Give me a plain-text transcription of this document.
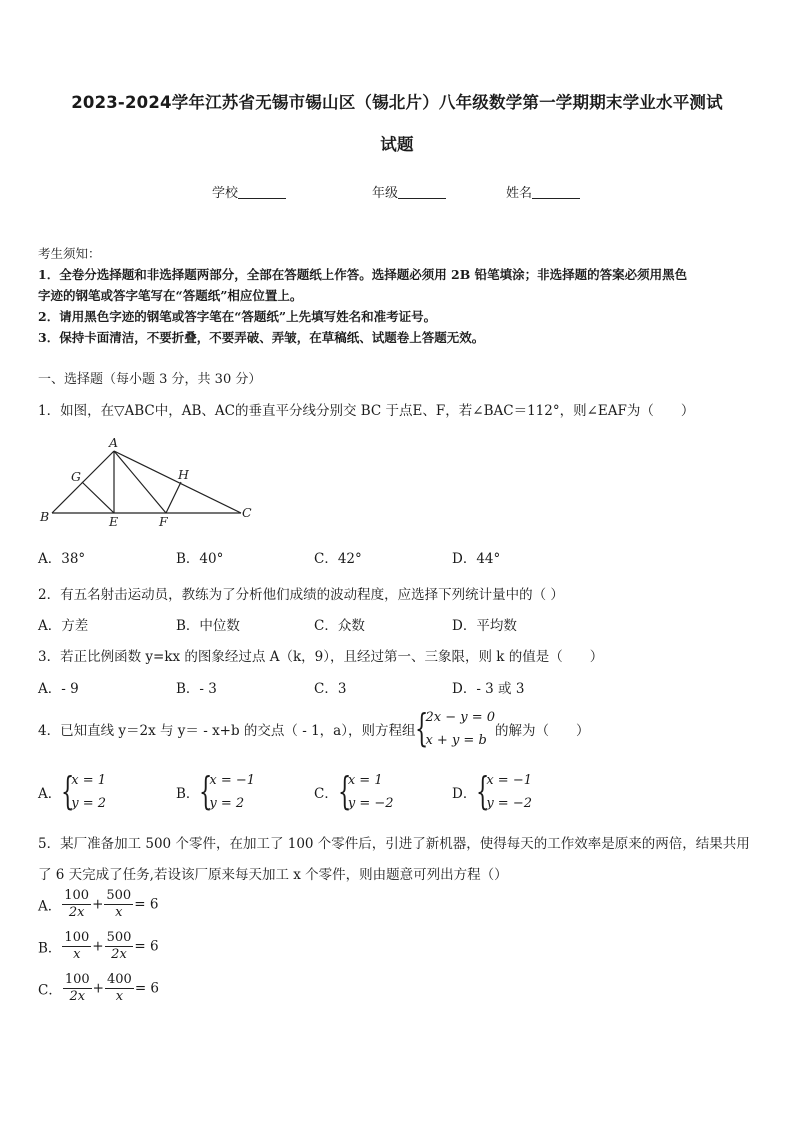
2023-2024学年江苏省无锡市锡山区（锡北片）八年级数学第一学期期末学业水平测试
试题
学校	年级	姓名
考生须知：
1．全卷分选择题和非选择题两部分，全部在答题纸上作答。选择题必须用 2B 铅笔填涂；非选择题的答案必须用黑色
字迹的钢笔或答字笔写在“答题纸”相应位置上。
2．请用黑色字迹的钢笔或答字笔在“答题纸”上先填写姓名和准考证号。
3．保持卡面清洁，不要折叠，不要弄破、弄皱，在草稿纸、试题卷上答题无效。
一、选择题（每小题 3 分，共 30 分）
1．如图，在▽ABC中，AB、AC的垂直平分线分别交 BC 于点E、F，若∠BAC＝112°，则∠EAF为（　　）
A
G	H
B	E	F
C
A．38°	B．40°	C．42°	D．44°
2．有五名射击运动员，教练为了分析他们成绩的波动程度，应选择下列统计量中的（ ）
A．方差	B．中位数	C．众数	D．平均数
3．若正比例函数 y=kx 的图象经过点 A（k，9），且经过第一、三象限，则 k 的值是（　　）
A．- 9	B．- 3	C．3	D．- 3 或 3
4．已知直线 y＝2x 与 y＝ - x+b 的交点（ - 1，a），则方程组 {
2x − y = 0
x + y = b
的解为（　　）
A． {
x = 1
y = 2
B． {
x = −1
y = 2
C． {
x = 1
y = −2
D． {
x = −1
y = −2
5．某厂准备加工 500 个零件，在加工了 100 个零件后，引进了新机器，使得每天的工作效率是原来的两倍，结果共用
了 6 天完成了任务,若设该厂原来每天加工 x 个零件，则由题意可列出方程（）
A． $\frac{100}{2x} + \frac{500}{x} = 6$
B． $\frac{100}{x} + \frac{500}{2x} = 6$
C． $\frac{100}{2x} + \frac{400}{x} = 6$
